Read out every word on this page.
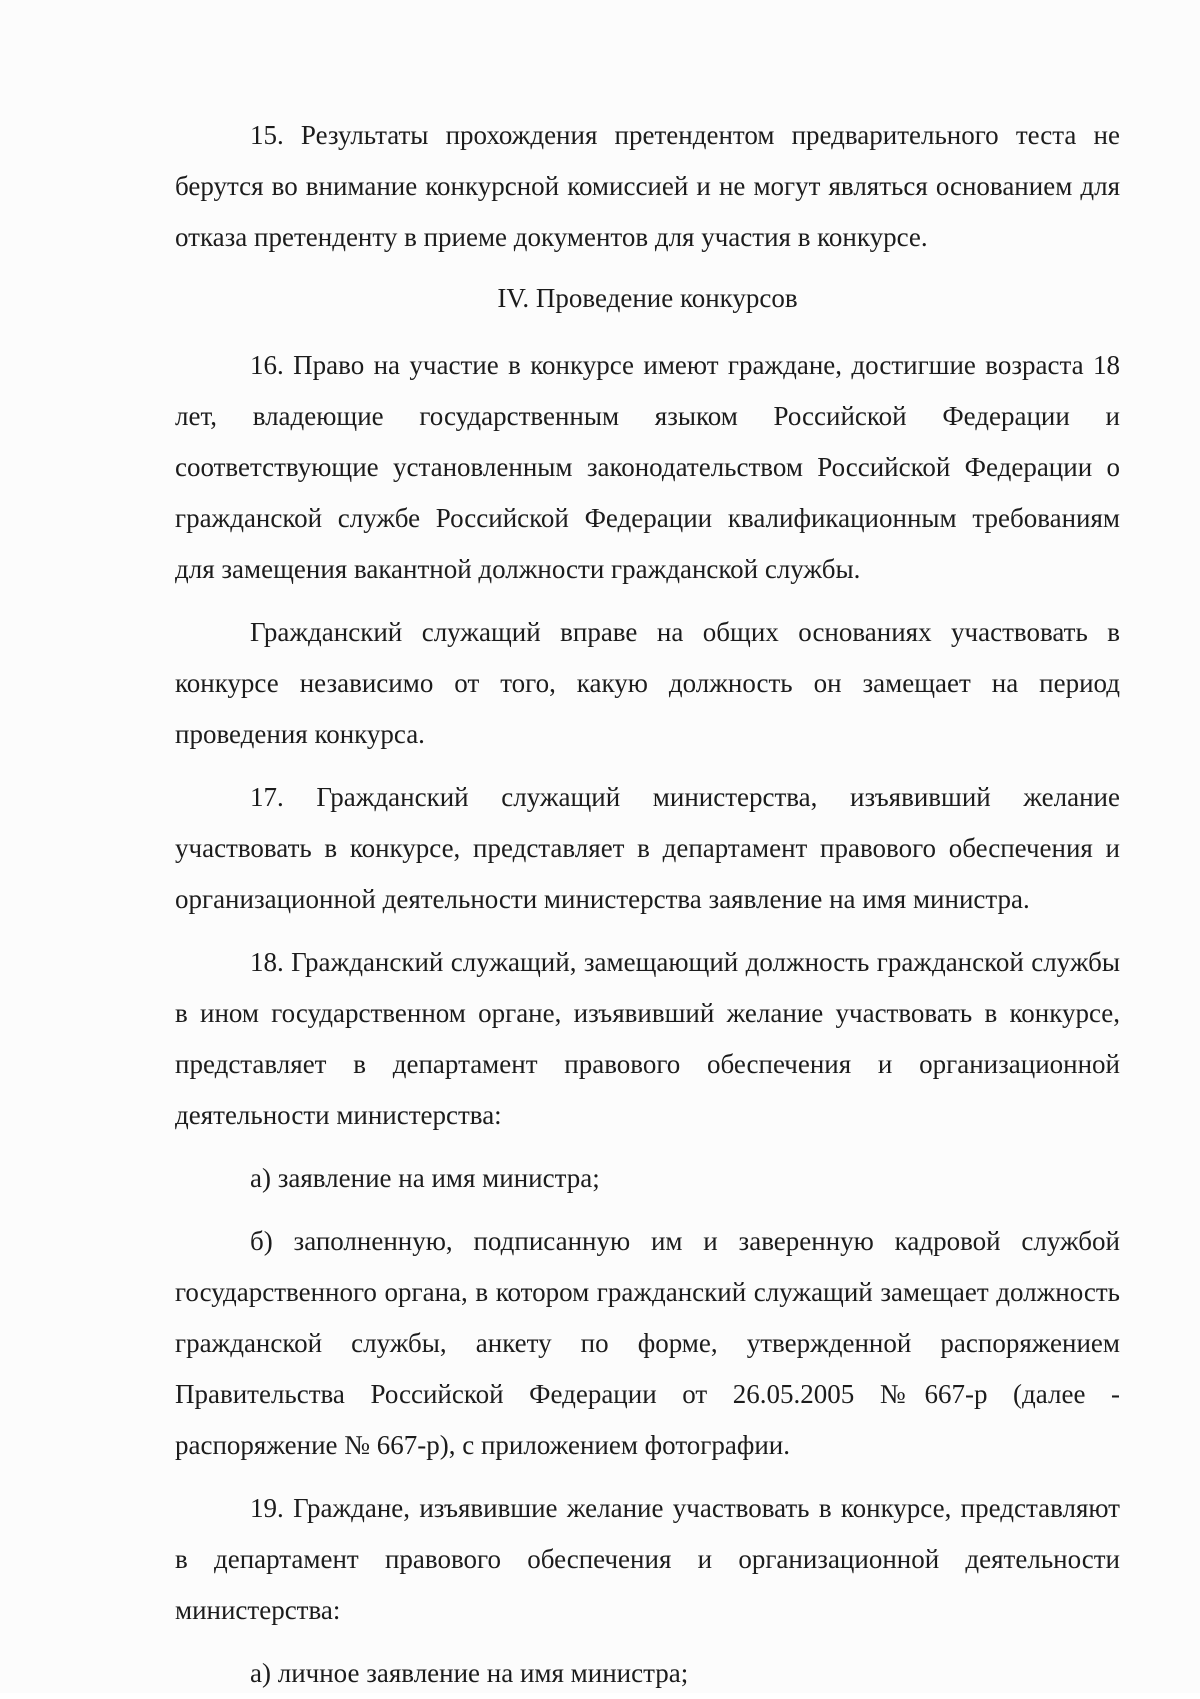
15. Результаты прохождения претендентом предварительного теста не берутся во внимание конкурсной комиссией и не могут являться основанием для отказа претенденту в приеме документов для участия в конкурсе.

IV. Проведение конкурсов

16. Право на участие в конкурсе имеют граждане, достигшие возраста 18 лет, владеющие государственным языком Российской Федерации и соответствующие установленным законодательством Российской Федерации о гражданской службе Российской Федерации квалификационным требованиям для замещения вакантной должности гражданской службы.

Гражданский служащий вправе на общих основаниях участвовать в конкурсе независимо от того, какую должность он замещает на период проведения конкурса.

17. Гражданский служащий министерства, изъявивший желание участвовать в конкурсе, представляет в департамент правового обеспечения и организационной деятельности министерства заявление на имя министра.

18. Гражданский служащий, замещающий должность гражданской службы в ином государственном органе, изъявивший желание участвовать в конкурсе, представляет в департамент правового обеспечения и организационной деятельности министерства:

а) заявление на имя министра;

б) заполненную, подписанную им и заверенную кадровой службой государственного органа, в котором гражданский служащий замещает должность гражданской службы, анкету по форме, утвержденной распоряжением Правительства Российской Федерации от 26.05.2005 №667-р (далее - распоряжение № 667-р), с приложением фотографии.

19. Граждане, изъявившие желание участвовать в конкурсе, представляют в департамент правового обеспечения и организационной деятельности министерства:

а) личное заявление на имя министра;
